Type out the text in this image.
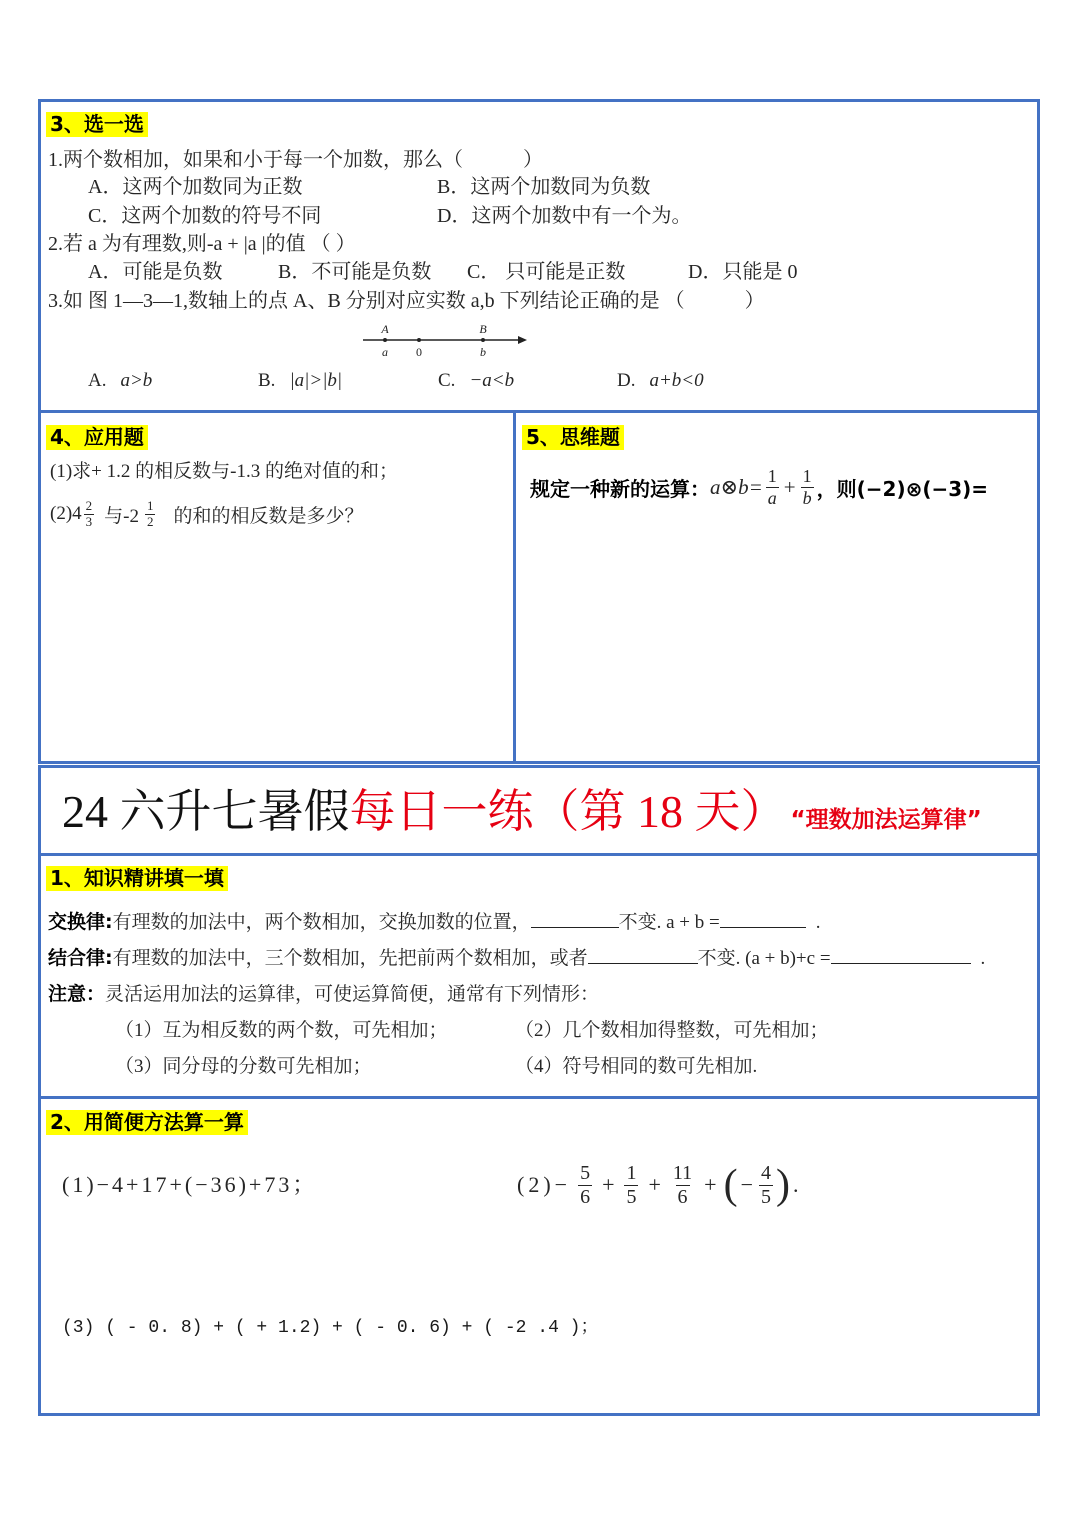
3、选一选
1.两个数相加，如果和小于每一个加数，那么（　　　）
A．这两个加数同为正数	B．这两个加数同为负数
C．这两个加数的符号不同	D．这两个加数中有一个为。
2.若 a 为有理数,则-a + |a |的值 （ ）
A．可能是负数	B．不可能是负数 C． 只可能是正数	D．只能是 0
3.如 图 1—3—1,数轴上的点 A、B 分别对应实数 a,b 下列结论正确的是 （　　　）
A
a 0
B
b
A. a>b	B. |a|>|b|	C. −a<b	D. a+b<0
4、应用题
(1)求+ 1.2 的相反数与-1.3 的绝对值的和；
$(2)4 \frac{2}{3}$ 与$-2 \frac{1}{2}$ 的和的相反数是多少？
5、思维题
规定一种新的运算： a⊗b= $\frac{1}{a} + \frac{1}{b}$ ，则(−2)⊗(−3)=
24 六升七暑假每日一练（第 18 天） “理数加法运算律”
1、知识精讲填一填
交换律:有理数的加法中，两个数相加，交换加数的位置，	不变. a + b =	.
结合律:有理数的加法中，三个数相加，先把前两个数相加，或者	不变. (a + b)+c =	.
注意：灵活运用加法的运算律，可使运算简便，通常有下列情形：
（1）互为相反数的两个数，可先相加；	（2）几个数相加得整数，可先相加；
（3）同分母的分数可先相加；	（4）符号相同的数可先相加.
2、用简便方法算一算
(1)−4+17+(−36)+73；	$(2)- \frac{5}{6} + \frac{1}{5} + \frac{11}{6}$ + ( − $\frac{4}{5}$ ) .
(3) ( - 0. 8) + ( + 1.2) + ( - 0. 6) + ( -2 .4 )；
